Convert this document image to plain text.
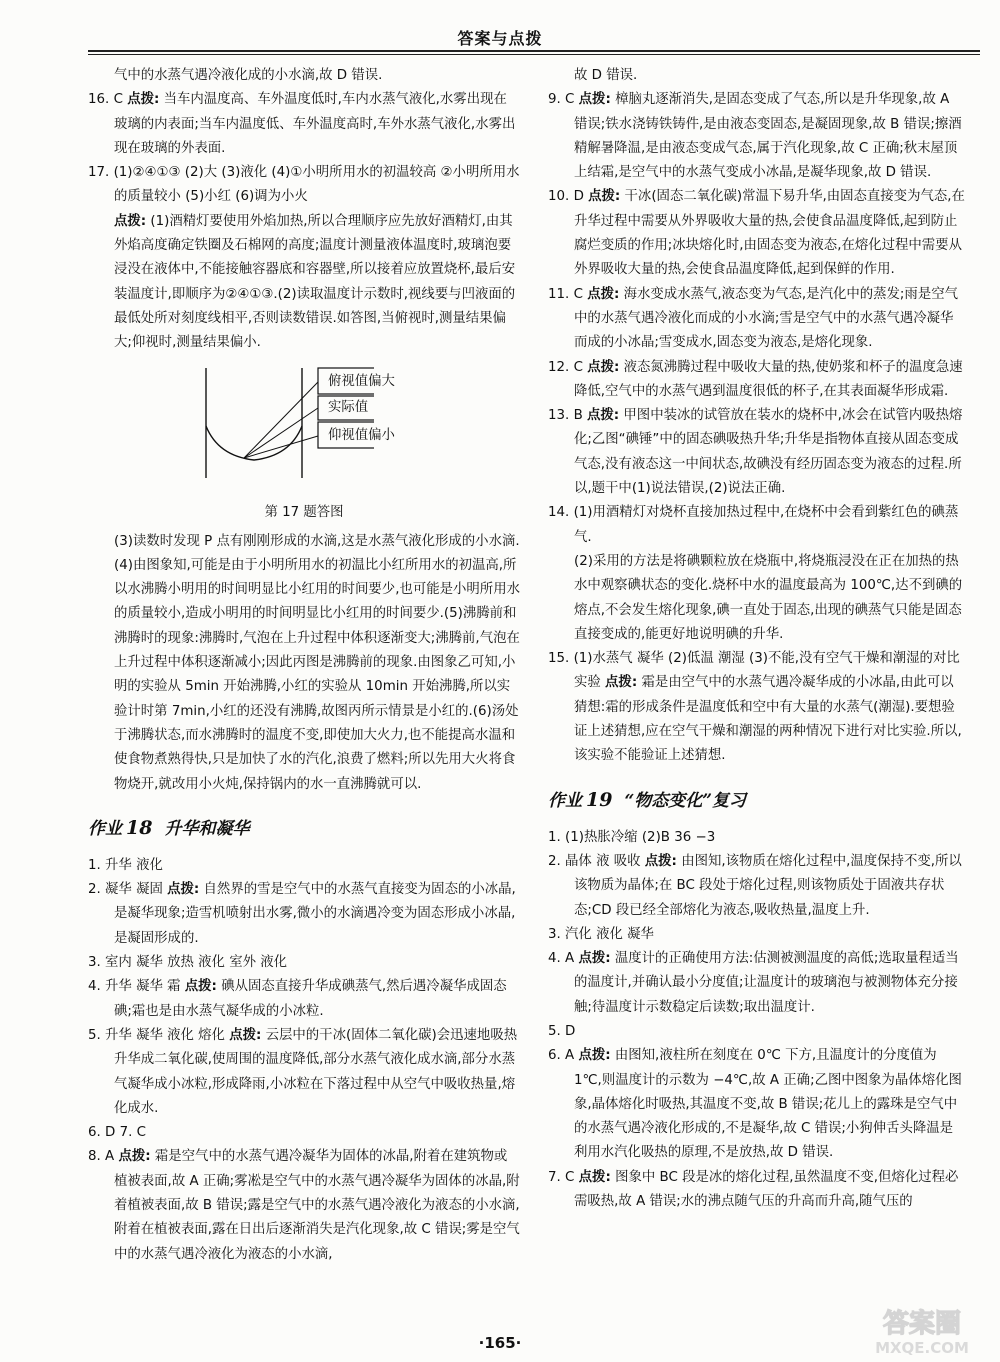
答案与点拨
气中的水蒸气遇冷液化成的小水滴,故 D 错误.
16. C 点拨: 当车内温度高、车外温度低时,车内水蒸气液化,水雾出现在玻璃的内表面;当车内温度低、车外温度高时,车外水蒸气液化,水雾出现在玻璃的外表面.
17. (1)②④①③ (2)大 (3)液化 (4)①小明所用水的初温较高 ②小明所用水的质量较小 (5)小红 (6)调为小火
点拨: (1)酒精灯要使用外焰加热,所以合理顺序应先放好酒精灯,由其外焰高度确定铁圈及石棉网的高度;温度计测量液体温度时,玻璃泡要浸没在液体中,不能接触容器底和容器壁,所以接着应放置烧杯,最后安装温度计,即顺序为②④①③.(2)读取温度计示数时,视线要与凹液面的最低处所对刻度线相平,否则读数错误.如答图,当俯视时,测量结果偏大;仰视时,测量结果偏小.
俯视值偏大
实际值
仰视值偏小
第 17 题答图
(3)读数时发现 P 点有刚刚形成的水滴,这是水蒸气液化形成的小水滴.(4)由图象知,可能是由于小明所用水的初温比小红所用水的初温高,所以水沸腾小明用的时间明显比小红用的时间要少,也可能是小明所用水的质量较小,造成小明用的时间明显比小红用的时间要少.(5)沸腾前和沸腾时的现象:沸腾时,气泡在上升过程中体积逐渐变大;沸腾前,气泡在上升过程中体积逐渐减小;因此丙图是沸腾前的现象.由图象乙可知,小明的实验从 5min 开始沸腾,小红的实验从 10min 开始沸腾,所以实验计时第 7min,小红的还没有沸腾,故图丙所示情景是小红的.(6)汤处于沸腾状态,而水沸腾时的温度不变,即使加大火力,也不能提高水温和使食物煮熟得快,只是加快了水的汽化,浪费了燃料;所以先用大火将食物烧开,就改用小火炖,保持锅内的水一直沸腾就可以.
作业 18 升华和凝华
1. 升华 液化
2. 凝华 凝固 点拨: 自然界的雪是空气中的水蒸气直接变为固态的小冰晶,是凝华现象;造雪机喷射出水雾,微小的水滴遇冷变为固态形成小冰晶,是凝固形成的.
3. 室内 凝华 放热 液化 室外 液化
4. 升华 凝华 霜 点拨: 碘从固态直接升华成碘蒸气,然后遇冷凝华成固态碘;霜也是由水蒸气凝华成的小冰粒.
5. 升华 凝华 液化 熔化 点拨: 云层中的干冰(固体二氧化碳)会迅速地吸热升华成二氧化碳,使周围的温度降低,部分水蒸气液化成水滴,部分水蒸气凝华成小冰粒,形成降雨,小冰粒在下落过程中从空气中吸收热量,熔化成水.
6. D 7. C
8. A 点拨: 霜是空气中的水蒸气遇冷凝华为固体的冰晶,附着在建筑物或植被表面,故 A 正确;雾凇是空气中的水蒸气遇冷凝华为固体的冰晶,附着植被表面,故 B 错误;露是空气中的水蒸气遇冷液化为液态的小水滴,附着在植被表面,露在日出后逐渐消失是汽化现象,故 C 错误;雾是空气中的水蒸气遇冷液化为液态的小水滴,
故 D 错误.
9. C 点拨: 樟脑丸逐渐消失,是固态变成了气态,所以是升华现象,故 A 错误;铁水浇铸铁铸件,是由液态变固态,是凝固现象,故 B 错误;擦酒精解暑降温,是由液态变成气态,属于汽化现象,故 C 正确;秋末屋顶上结霜,是空气中的水蒸气变成小冰晶,是凝华现象,故 D 错误.
10. D 点拨: 干冰(固态二氧化碳)常温下易升华,由固态直接变为气态,在升华过程中需要从外界吸收大量的热,会使食品温度降低,起到防止腐烂变质的作用;冰块熔化时,由固态变为液态,在熔化过程中需要从外界吸收大量的热,会使食品温度降低,起到保鲜的作用.
11. C 点拨: 海水变成水蒸气,液态变为气态,是汽化中的蒸发;雨是空气中的水蒸气遇冷液化而成的小水滴;雪是空气中的水蒸气遇冷凝华而成的小冰晶;雪变成水,固态变为液态,是熔化现象.
12. C 点拨: 液态氮沸腾过程中吸收大量的热,使奶浆和杯子的温度急速降低,空气中的水蒸气遇到温度很低的杯子,在其表面凝华形成霜.
13. B 点拨: 甲图中装冰的试管放在装水的烧杯中,冰会在试管内吸热熔化;乙图“碘锤”中的固态碘吸热升华;升华是指物体直接从固态变成气态,没有液态这一中间状态,故碘没有经历固态变为液态的过程.所以,题干中(1)说法错误,(2)说法正确.
14. (1)用酒精灯对烧杯直接加热过程中,在烧杯中会看到紫红色的碘蒸气.
(2)采用的方法是将碘颗粒放在烧瓶中,将烧瓶浸没在正在加热的热水中观察碘状态的变化.烧杯中水的温度最高为 100℃,达不到碘的熔点,不会发生熔化现象,碘一直处于固态,出现的碘蒸气只能是固态直接变成的,能更好地说明碘的升华.
15. (1)水蒸气 凝华 (2)低温 潮湿 (3)不能,没有空气干燥和潮湿的对比实验 点拨: 霜是由空气中的水蒸气遇冷凝华成的小冰晶,由此可以猜想:霜的形成条件是温度低和空中有大量的水蒸气(潮湿).要想验证上述猜想,应在空气干燥和潮湿的两种情况下进行对比实验.所以,该实验不能验证上述猜想.
作业 19 “物态变化”复习
1. (1)热胀冷缩 (2)B 36 −3
2. 晶体 液 吸收 点拨: 由图知,该物质在熔化过程中,温度保持不变,所以该物质为晶体;在 BC 段处于熔化过程,则该物质处于固液共存状态;CD 段已经全部熔化为液态,吸收热量,温度上升.
3. 汽化 液化 凝华
4. A 点拨: 温度计的正确使用方法:估测被测温度的高低;选取量程适当的温度计,并确认最小分度值;让温度计的玻璃泡与被测物体充分接触;待温度计示数稳定后读数;取出温度计.
5. D
6. A 点拨: 由图知,液柱所在刻度在 0℃ 下方,且温度计的分度值为 1℃,则温度计的示数为 −4℃,故 A 正确;乙图中图象为晶体熔化图象,晶体熔化时吸热,其温度不变,故 B 错误;花儿上的露珠是空气中的水蒸气遇冷液化形成的,不是凝华,故 C 错误;小狗伸舌头降温是利用水汽化吸热的原理,不是放热,故 D 错误.
7. C 点拨: 图象中 BC 段是冰的熔化过程,虽然温度不变,但熔化过程必需吸热,故 A 错误;水的沸点随气压的升高而升高,随气压的
·165·
答案圈
MXQE.COM
